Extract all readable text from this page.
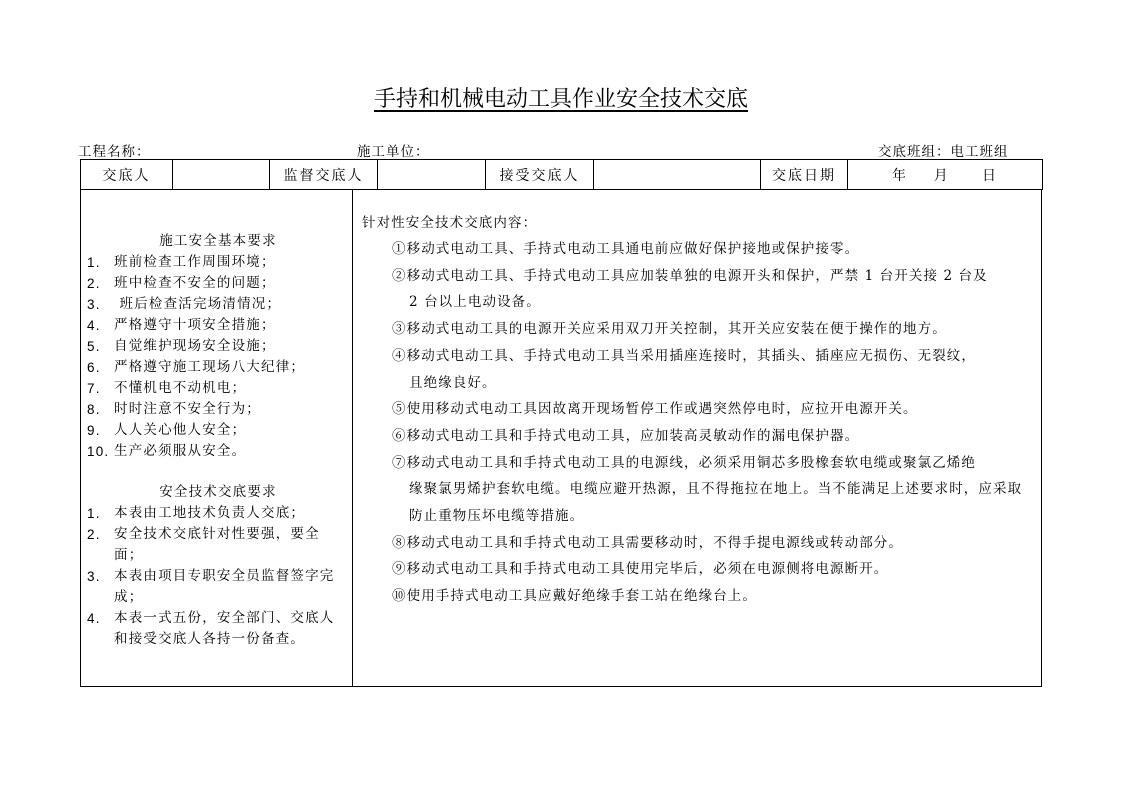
手持和机械电动工具作业安全技术交底
工程名称：	施工单位：	交底班组：电工班组
交底人		监督交底人		接受交底人		交底日期	年    月     日
施工安全基本要求
1. 班前检查工作周围环境；
2. 班中检查不安全的问题；
3. 班后检查活完场清情况；
4. 严格遵守十项安全措施；
5. 自觉维护现场安全设施；
6. 严格遵守施工现场八大纪律；
7. 不懂机电不动机电；
8. 时时注意不安全行为；
9. 人人关心他人安全；
10. 生产必须服从安全。
安全技术交底要求
1. 本表由工地技术负责人交底；
2. 安全技术交底针对性要强，要全面；
3. 本表由项目专职安全员监督签字完成；
4. 本表一式五份，安全部门、交底人和接受交底人各持一份备查。
针对性安全技术交底内容：
①移动式电动工具、手持式电动工具通电前应做好保护接地或保护接零。
②移动式电动工具、手持式电动工具应加装单独的电源开头和保护，严禁 1 台开关接 2 台及
2 台以上电动设备。
③移动式电动工具的电源开关应采用双刀开关控制，其开关应安装在便于操作的地方。
④移动式电动工具、手持式电动工具当采用插座连接时，其插头、插座应无损伤、无裂纹，
且绝缘良好。
⑤使用移动式电动工具因故离开现场暂停工作或遇突然停电时，应拉开电源开关。
⑥移动式电动工具和手持式电动工具，应加装高灵敏动作的漏电保护器。
⑦移动式电动工具和手持式电动工具的电源线，必须采用铜芯多股橡套软电缆或聚氯乙烯绝
缘聚氯男烯护套软电缆。电缆应避开热源，且不得拖拉在地上。当不能满足上述要求时，应采取防止重物压坏电缆等措施。
⑧移动式电动工具和手持式电动工具需要移动时，不得手提电源线或转动部分。
⑨移动式电动工具和手持式电动工具使用完毕后，必须在电源侧将电源断开。
⑩使用手持式电动工具应戴好绝缘手套工站在绝缘台上。
